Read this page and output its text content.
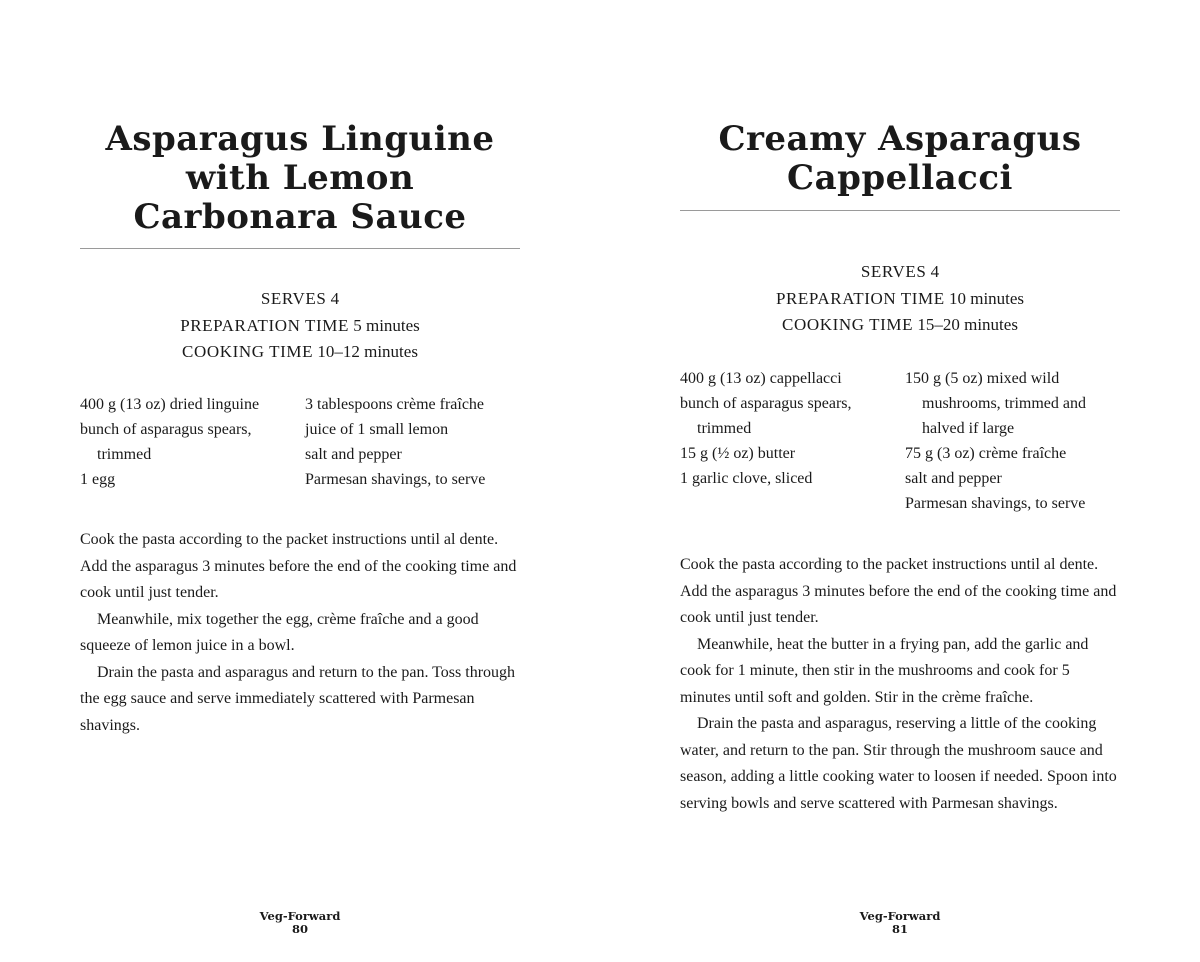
Asparagus Linguine
with Lemon
Carbonara Sauce
SERVES 4
PREPARATION TIME 5 minutes
COOKING TIME 10–12 minutes
400 g (13 oz) dried linguine
bunch of asparagus spears, trimmed
1 egg
3 tablespoons crème fraîche
juice of 1 small lemon
salt and pepper
Parmesan shavings, to serve

Cook the pasta according to the packet instructions until al dente. Add the asparagus 3 minutes before the end of the cooking time and cook until just tender.

Meanwhile, mix together the egg, crème fraîche and a good squeeze of lemon juice in a bowl.

Drain the pasta and asparagus and return to the pan. Toss through the egg sauce and serve immediately scattered with Parmesan shavings.

Veg-Forward
80
Creamy Asparagus
Cappellacci
SERVES 4
PREPARATION TIME 10 minutes
COOKING TIME 15–20 minutes
400 g (13 oz) cappellacci
bunch of asparagus spears, trimmed
15 g (½ oz) butter
1 garlic clove, sliced
150 g (5 oz) mixed wild mushrooms, trimmed and halved if large
75 g (3 oz) crème fraîche
salt and pepper
Parmesan shavings, to serve

Cook the pasta according to the packet instructions until al dente. Add the asparagus 3 minutes before the end of the cooking time and cook until just tender.

Meanwhile, heat the butter in a frying pan, add the garlic and cook for 1 minute, then stir in the mushrooms and cook for 5 minutes until soft and golden. Stir in the crème fraîche.

Drain the pasta and asparagus, reserving a little of the cooking water, and return to the pan. Stir through the mushroom sauce and season, adding a little cooking water to loosen if needed. Spoon into serving bowls and serve scattered with Parmesan shavings.

Veg-Forward
81
